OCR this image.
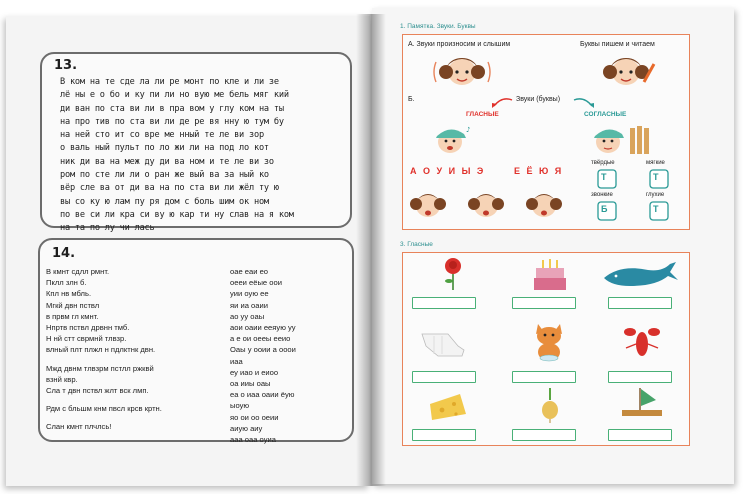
13.
В ком на те сде ла ли ре монт по кле и ли зе
лё ны е о бо и ку пи ли но вую ме бель мяг кий
ди ван по ста ви ли в пра вом у глу ком на ты
на про тив по ста ви ли де ре вя нну ю тум бу
на ней сто ит со вре ме нный те ле ви зор
о валь ный пульт по ло жи ли на под ло кот
ник ди ва на меж ду ди ва ном и те ле ви зо
ром по сте ли ли о ран же вый ва за ный ко
вёр сле ва от ди ва на по ста ви ли жёл ту ю
вы со ку ю лам пу ря дом с боль шим ок ном
по ве си ли кра си ву ю кар ти ну слав на я ком
на та по лу чи лась
14.
В кмнт сдлл рмнт.
Пклл злн б.
Кпл нв мбль.
Мгкй двн пствл
в првм гл кмнт.
Нпртв пствл дрвнн тмб.
Н нй стт сврмнй тлвзр.
влный плт плжл н пдлктнк двн.
Мжд двнм тлвзрм пстлл ржквй
взнй квр.
Сла т двн пствл жлт вск лмп.
Рдм с бльшм кнм пвсл крсв кртн.
Слан кмнт плчлсь!
оае еаи ео
оееи еёые оои
уии оую ее
яи иа оаии
ао уу оаы
аои оаии ееяую уу
а е ои оееы ееио
Оаы у ооии а ооои
иаа
еу иао и еиоо
оа ииы оаы
еа о иаа оаии ёую
ыоую
яо ои оо оеии
аиую аиу
ааа оаа оуиа
1. Памятка. Звуки. Буквы
А. Звуки произносим и слышим	Буквы пишем и читаем
Б.	Звуки (буквы)
ГЛАСНЫЕ	СОГЛАСНЫЕ
♪
А О У И Ы Э	Е Ё Ю Я
твёрдые	мягкие
звонкие	глухие
Т	Т
Б	Т
3. Гласные
